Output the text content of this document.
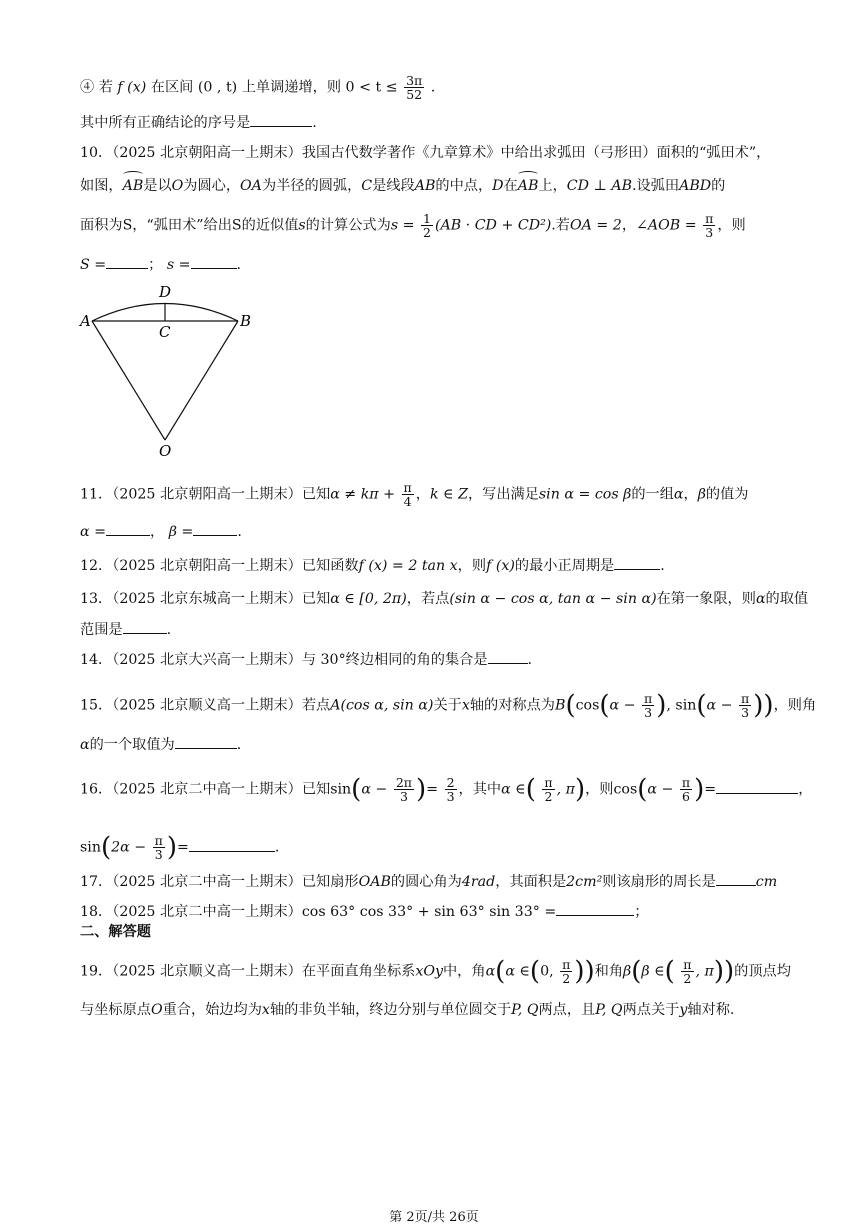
④ 若 f (x) 在区间 (0 , t) 上单调递增，则 $0 < t \le \frac{3\pi}{52}$ .
其中所有正确结论的序号是	.
10．（2025 北京朝阳高一上期末）我国古代数学著作《九章算术》中给出求弧田（弓形田）面积的“弧田术”，
如图，AB是以O为圆心，OA为半径的圆弧，C是线段AB的中点，D在AB上，CD ⊥ AB.设弧田ABD的
面积为S，“弧田术”给出S的近似值s的计算公式为$s = \frac{1}{2} (AB$ · CD + CD²).若OA = 2，∠AOB = $\frac{\pi}{3}$ ，则
S =	； s =	.
A	B
C
D
O
11．（2025 北京朝阳高一上期末）已知$\alpha \ne k\pi + \frac{\pi}{4}$ ，k ∈ Z，写出满足sin α = cos β的一组α，β的值为
α =	， β =	.
12．（2025 北京朝阳高一上期末）已知函数f (x) = 2 tan x，则f (x)的最小正周期是	.
13．（2025 北京东城高一上期末）已知α ∈ [0, 2π)，若点(sin α − cos α, tan α − sin α)在第一象限，则α的取值
范围是	.
14．（2025 北京大兴高一上期末）与 30°终边相同的角的集合是	.
15．（2025 北京顺义高一上期末）若点A(cos α, sin α)关于x轴的对称点为$B(\cos(\alpha - \frac{\pi}{3}$ ), $\sin(\alpha - \frac{\pi}{3}$ ))，则角
α的一个取值为	.
16．（2025 北京二中高一上期末）已知$\sin(\alpha - \frac{2\pi}{3}$ )= $\frac{2}{3}$ ，其中α ∈( $\frac{\pi}{2}$ , π)，则$\cos(\alpha - \frac{\pi}{6}$ )=	，
$\sin(2\alpha - \frac{\pi}{3}$ )=	.
17．（2025 北京二中高一上期末）已知扇形OAB的圆心角为4rad，其面积是2cm²则该扇形的周长是	cm
18．（2025 北京二中高一上期末）cos 63° cos 33° + sin 63° sin 33° =	；
二、解答题
19．（2025 北京顺义高一上期末）在平面直角坐标系xOy中，角α(α ∈(0, $\frac{\pi}{2}$ ))和角β(β ∈( $\frac{\pi}{2}$ , π))的顶点均
与坐标原点O重合，始边均为x轴的非负半轴，终边分别与单位圆交于P, Q两点，且P, Q两点关于y轴对称.
第 2页/共 26页
